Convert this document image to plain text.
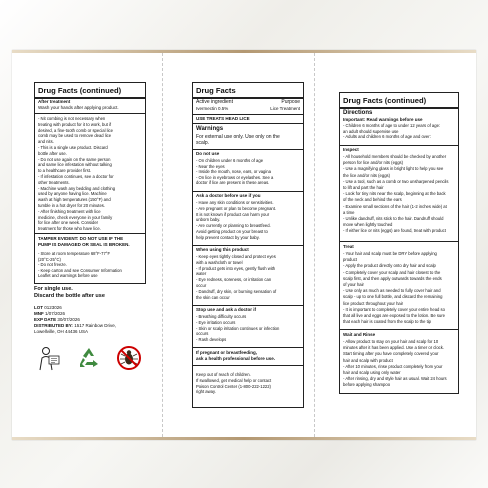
Drug Facts (continued)
After treatment
Wash your hands after applying product.
- Nit combing is not necessary when
treating with product for it to work, but if
desired, a fine-tooth comb or special lice
comb may be used to remove dead lice
and nits.
- This is a single use product. Discard
bottle after use.
- Do not use again on the same person
and same lice infestation without talking
to a healthcare provider first.
- If infestation continues, see a doctor for
other treatments.
- Machine wash any bedding and clothing
used by anyone having lice. Machine
wash at high temperatures (150°F) and
tumble in a hot dryer for 20 minutes.
- After finishing treatment with lice
medicine, check everyone in your family
for lice after one week. Consider
treatment for those who have lice.
TAMPER EVIDENT: DO NOT USE IF THE
PUMP IS DAMAGED OR SEAL IS BROKEN.
- Store at room temperature 68°F-77°F
(20°C-25°C)
- Do not freeze.
- Keep carton and see Consumer Information
Leaflet and warnings before use
For single use.
Discard the bottle after use
LOT 0123026
MNF 1/07/2026
EXP DATE 30/07/2026
DISTRIBUTED BY: 1517 Rainbow Drive,
Lowellville, OH 44436 USA
Drug Facts
Active ingredient	Purpose
Ivermectin 0.5%	Lice Treatment
USE TREATS HEAD LICE
Warnings
For external use only. Use only on the
scalp.
Do not use
- On children under 6 months of age
- Near the eyes
- Inside the mouth, nose, ears, or vagina
- On lice in eyebrows or eyelashes. See a
doctor if lice are present in these areas.
Ask a doctor before use if you
- Have any skin conditions or sensitivities.
- Are pregnant or plan to become pregnant.
It is not known if product can harm your
unborn baby.
- Are currently or planning to breastfeed.
Avoid getting product on your breast to
help prevent contact by your baby.
When using this product
- Keep eyes tightly closed and protect eyes
with a washcloth or towel
- If product gets into eyes, gently flush with
water
- Eye redness, soreness, or irritation can
occur
- Dandruff, dry skin, or burning sensation of
the skin can occur
Stop use and ask a doctor if
- Breathing difficulty occurs
- Eye irritation occurs
- Skin or scalp irritation continues or infection
occurs
- Rash develops
If pregnant or breastfeeding,
ask a health professional before use.
Keep out of reach of children.
If swallowed, get medical help or contact
Poison Control Center (1-800-222-1222)
right away.
Drug Facts (continued)
Directions
Important: Read warnings before use
- Children 6 months of age to under 12 years of age:
an adult should supervise use
- Adults and children 6 months of age and over:
Inspect
- All household members should be checked by another
person for lice and/or nits (eggs)
- Use a magnifying glass in bright light to help you see
the lice and/or nits (eggs)
- Use a tool, such as a comb or two unsharpened pencils
to lift and part the hair
- Look for tiny nits near the scalp, beginning at the back
of the neck and behind the ears
- Examine small sections of the hair (1-2 inches wide) at
a time
- Unlike dandruff, nits stick to the hair. Dandruff should
move when lightly touched
- If either lice or nits (eggs) are found, treat with product
Treat
- Your hair and scalp must be DRY before applying
product
- Apply the product directly onto dry hair and scalp
- Completely cover your scalp and hair closest to the
scalp first, and then apply outwards towards the ends
of your hair
- Use only as much as needed to fully cover hair and
scalp - up to one full bottle, and discard the remaining
lice product throughout your hair
- It is important to completely cover your entire head so
that all live and eggs are exposed to the lotion. Be sure
that each hair is coated from the scalp to the tip
Wait and Rinse
- Allow product to stay on your hair and scalp for 10
minutes after it has been applied. Use a timer or clock.
Start timing after you have completely covered your
hair and scalp with product
- After 10 minutes, rinse product completely from your
hair and scalp using only water
- After rinsing, dry and style hair as usual. Wait 24 hours
before applying shampoo
